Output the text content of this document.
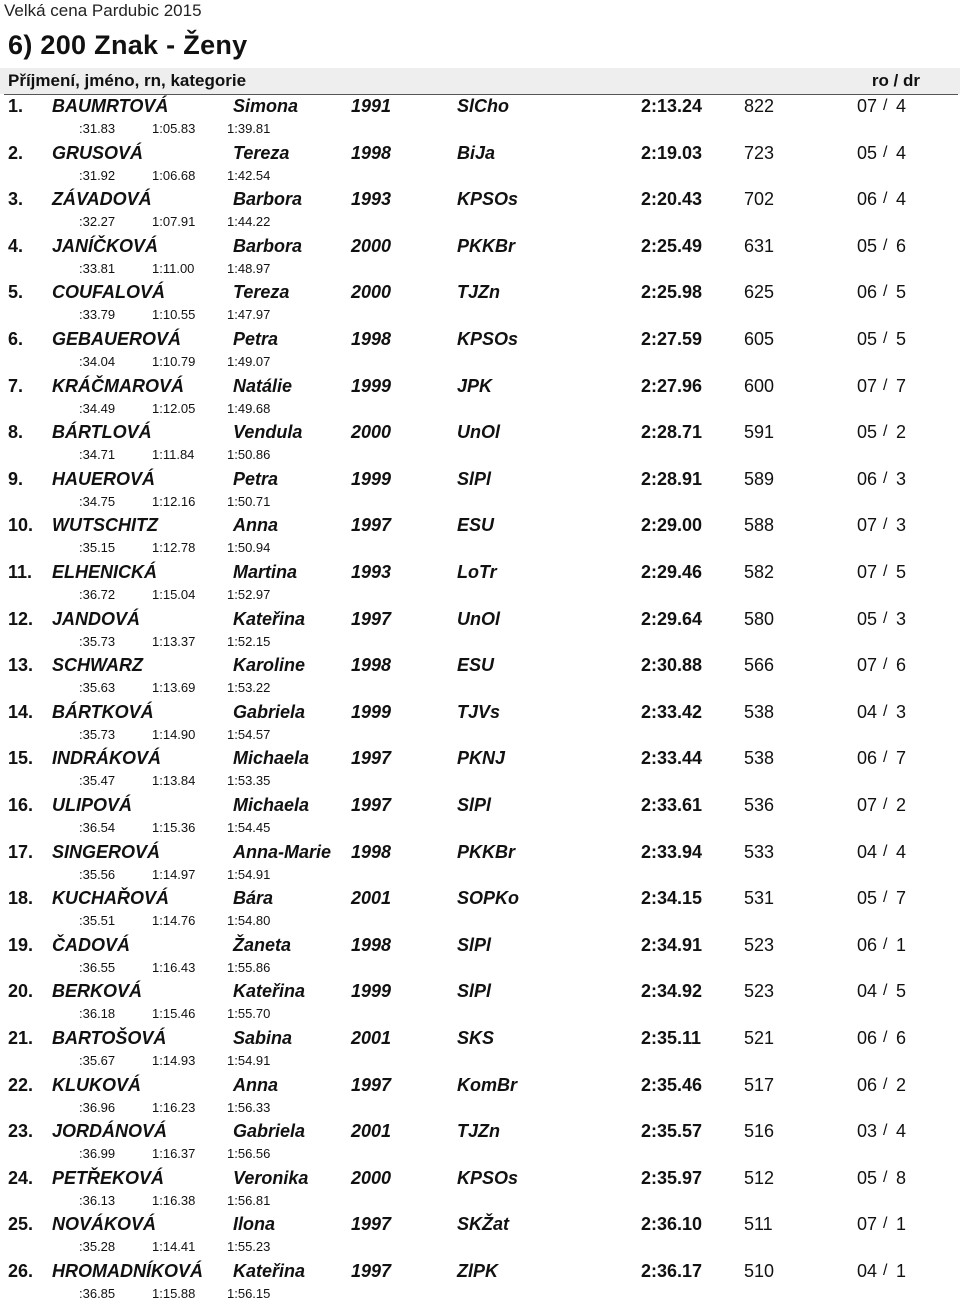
Velká cena Pardubic 2015
6) 200 Znak - Ženy
Příjmení, jméno, rn, kategorie	ro / dr
1. BAUMRTOVÁ	Simona	1991	SlCho	2:13.24 822	07 / 4
:31.83	1:05.83 1:39.81
2. GRUSOVÁ	Tereza	1998	BiJa	2:19.03 723	05 / 4
:31.92	1:06.68 1:42.54
3. ZÁVADOVÁ	Barbora	1993	KPSOs	2:20.43 702	06 / 4
:32.27	1:07.91 1:44.22
4. JANÍČKOVÁ	Barbora	2000	PKKBr	2:25.49 631	05 / 6
:33.81	1:11.00	1:48.97
5. COUFALOVÁ	Tereza	2000	TJZn	2:25.98 625	06 / 5
:33.79	1:10.55 1:47.97
6. GEBAUEROVÁ	Petra	1998	KPSOs	2:27.59 605	05 / 5
:34.04	1:10.79 1:49.07
7. KRÁČMAROVÁ	Natálie	1999	JPK	2:27.96 600	07 / 7
:34.49	1:12.05 1:49.68
8. BÁRTLOVÁ	Vendula	2000	UnOl	2:28.71 591	05 / 2
:34.71	1:11.84	1:50.86
9. HAUEROVÁ	Petra	1999	SlPl	2:28.91 589	06 / 3
:34.75	1:12.16 1:50.71
10. WUTSCHITZ	Anna	1997	ESU	2:29.00 588	07 / 3
:35.15	1:12.78 1:50.94
11. ELHENICKÁ	Martina	1993	LoTr	2:29.46 582	07 / 5
:36.72	1:15.04 1:52.97
12. JANDOVÁ	Kateřina	1997	UnOl	2:29.64 580	05 / 3
:35.73	1:13.37 1:52.15
13. SCHWARZ	Karoline	1998	ESU	2:30.88 566	07 / 6
:35.63	1:13.69 1:53.22
14. BÁRTKOVÁ	Gabriela	1999	TJVs	2:33.42 538	04 / 3
:35.73	1:14.90 1:54.57
15. INDRÁKOVÁ	Michaela 1997	PKNJ	2:33.44 538	06 / 7
:35.47	1:13.84 1:53.35
16. ULIPOVÁ	Michaela 1997	SlPl	2:33.61 536	07 / 2
:36.54	1:15.36 1:54.45
17. SINGEROVÁ	Anna-Marie 1998	PKKBr	2:33.94 533	04 / 4
:35.56	1:14.97 1:54.91
18. KUCHAŘOVÁ	Bára	2001	SOPKo	2:34.15 531	05 / 7
:35.51	1:14.76 1:54.80
19. ČADOVÁ	Žaneta	1998	SlPl	2:34.91 523	06 / 1
:36.55	1:16.43 1:55.86
20. BERKOVÁ	Kateřina	1999	SlPl	2:34.92 523	04 / 5
:36.18	1:15.46 1:55.70
21. BARTOŠOVÁ	Sabina	2001	SKS	2:35.11 521	06 / 6
:35.67	1:14.93 1:54.91
22. KLUKOVÁ	Anna	1997	KomBr	2:35.46 517	06 / 2
:36.96	1:16.23 1:56.33
23. JORDÁNOVÁ	Gabriela	2001	TJZn	2:35.57 516	03 / 4
:36.99	1:16.37 1:56.56
24. PETŘEKOVÁ	Veronika 2000	KPSOs	2:35.97 512	05 / 8
:36.13	1:16.38 1:56.81
25. NOVÁKOVÁ	Ilona	1997	SKŽat	2:36.10 511	07 / 1
:35.28	1:14.41 1:55.23
26. HROMADNÍKOVÁ Kateřina	1997	ZlPK	2:36.17 510	04 / 1
:36.85	1:15.88 1:56.15
